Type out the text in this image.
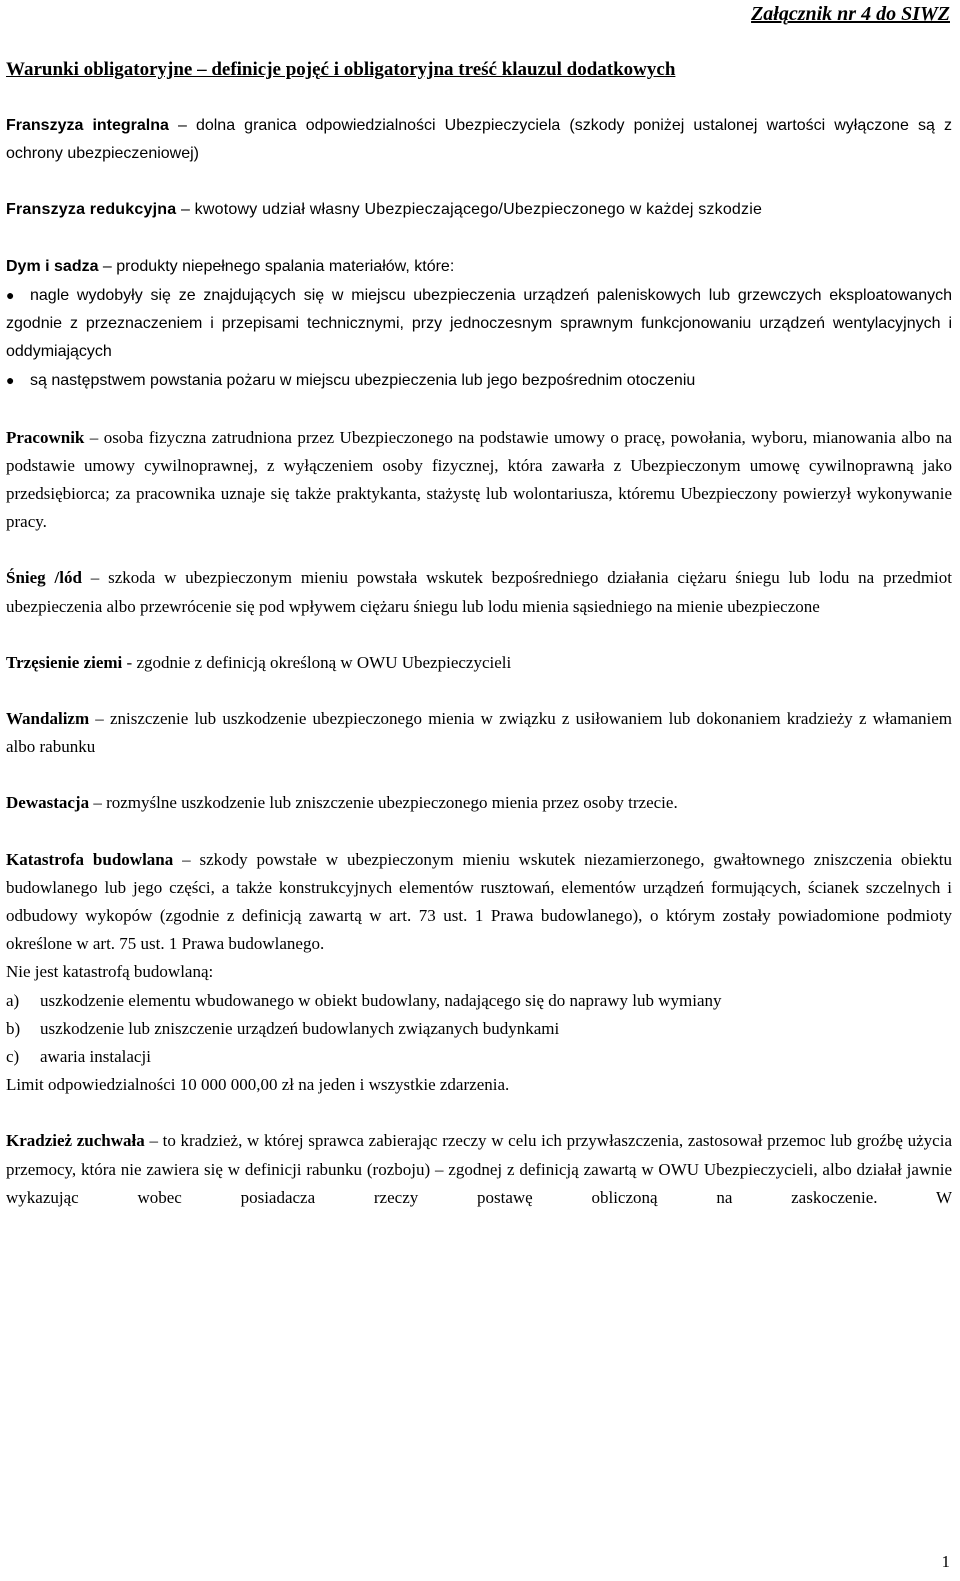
Załącznik nr 4 do SIWZ

Warunki obligatoryjne – definicje pojęć i obligatoryjna treść klauzul dodatkowych

Franszyza integralna – dolna granica odpowiedzialności Ubezpieczyciela (szkody poniżej ustalonej wartości wyłączone są z ochrony ubezpieczeniowej)

Franszyza redukcyjna – kwotowy udział własny Ubezpieczającego/Ubezpieczonego w każdej szkodzie

Dym i sadza – produkty niepełnego spalania materiałów, które:

● nagle wydobyły się ze znajdujących się w miejscu ubezpieczenia urządzeń paleniskowych lub grzewczych eksploatowanych zgodnie z przeznaczeniem i przepisami technicznymi, przy jednoczesnym sprawnym funkcjonowaniu urządzeń wentylacyjnych i oddymiających

● są następstwem powstania pożaru w miejscu ubezpieczenia lub jego bezpośrednim otoczeniu

Pracownik – osoba fizyczna zatrudniona przez Ubezpieczonego na podstawie umowy o pracę, powołania, wyboru, mianowania albo na podstawie umowy cywilnoprawnej, z wyłączeniem osoby fizycznej, która zawarła z Ubezpieczonym umowę cywilnoprawną jako przedsiębiorca; za pracownika uznaje się także praktykanta, stażystę lub wolontariusza, któremu Ubezpieczony powierzył wykonywanie pracy.

Śnieg /lód – szkoda w ubezpieczonym mieniu powstała wskutek bezpośredniego działania ciężaru śniegu lub lodu na przedmiot ubezpieczenia albo przewrócenie się pod wpływem ciężaru śniegu lub lodu mienia sąsiedniego na mienie ubezpieczone

Trzęsienie ziemi - zgodnie z definicją określoną w OWU Ubezpieczycieli

Wandalizm – zniszczenie lub uszkodzenie ubezpieczonego mienia w związku z usiłowaniem lub dokonaniem kradzieży z włamaniem albo rabunku

Dewastacja – rozmyślne uszkodzenie lub zniszczenie ubezpieczonego mienia przez osoby trzecie.

Katastrofa budowlana – szkody powstałe w ubezpieczonym mieniu wskutek niezamierzonego, gwałtownego zniszczenia obiektu budowlanego lub jego części, a także konstrukcyjnych elementów rusztowań, elementów urządzeń formujących, ścianek szczelnych i odbudowy wykopów (zgodnie z definicją zawartą w art. 73 ust. 1 Prawa budowlanego), o którym zostały powiadomione podmioty określone w art. 75 ust. 1 Prawa budowlanego.

Nie jest katastrofą budowlaną:

a) uszkodzenie elementu wbudowanego w obiekt budowlany, nadającego się do naprawy lub wymiany

b) uszkodzenie lub zniszczenie urządzeń budowlanych związanych budynkami

c) awaria instalacji

Limit odpowiedzialności 10 000 000,00 zł na jeden i wszystkie zdarzenia.

Kradzież zuchwała – to kradzież, w której sprawca zabierając rzeczy w celu ich przywłaszczenia, zastosował przemoc lub groźbę użycia przemocy, która nie zawiera się w definicji rabunku (rozboju) – zgodnej z definicją zawartą w OWU Ubezpieczycieli, albo działał jawnie wykazując wobec posiadacza rzeczy postawę obliczoną na zaskoczenie. W

1
